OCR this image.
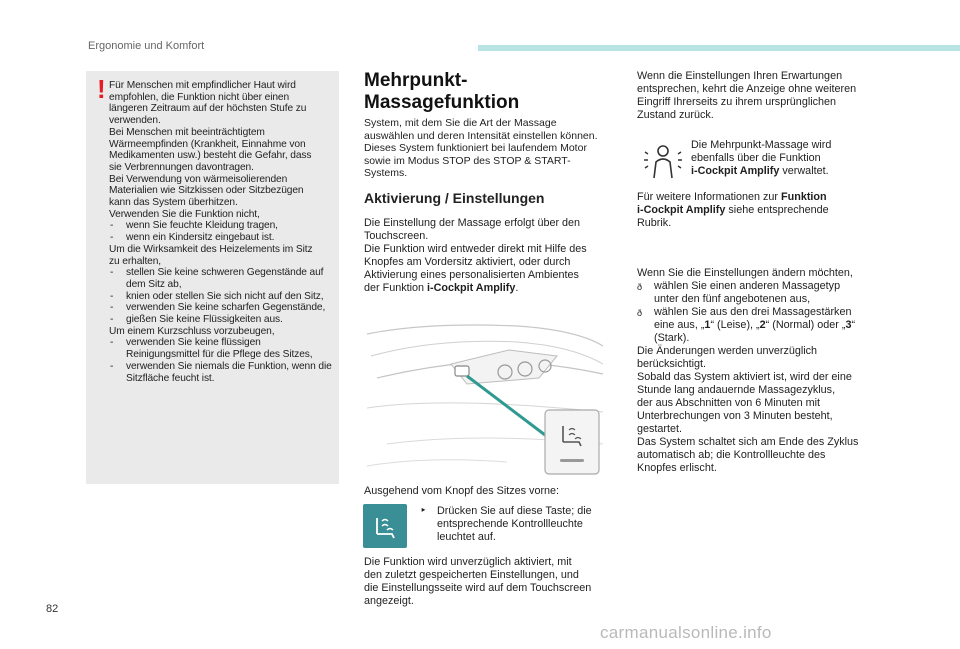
Ergonomie und Komfort
! Für Menschen mit empfindlicher Haut wird
empfohlen, die Funktion nicht über einen
längeren Zeitraum auf der höchsten Stufe zu
verwenden.
Bei Menschen mit beeinträchtigtem
Wärmeempfinden (Krankheit, Einnahme von
Medikamenten usw.) besteht die Gefahr, dass
sie Verbrennungen davontragen.
Bei Verwendung von wärmeisolierenden
Materialien wie Sitzkissen oder Sitzbezügen
kann das System überhitzen.
Verwenden Sie die Funktion nicht,
- wenn Sie feuchte Kleidung tragen,
- wenn ein Kindersitz eingebaut ist.
Um die Wirksamkeit des Heizelements im Sitz
zu erhalten,
- stellen Sie keine schweren Gegenstände auf dem Sitz ab,
- knien oder stellen Sie sich nicht auf den Sitz,
- verwenden Sie keine scharfen Gegenstände,
- gießen Sie keine Flüssigkeiten aus.
Um einem Kurzschluss vorzubeugen,
- verwenden Sie keine flüssigen Reinigungsmittel für die Pflege des Sitzes,
- verwenden Sie niemals die Funktion, wenn die Sitzfläche feucht ist.
Mehrpunkt-
Massagefunktion
System, mit dem Sie die Art der Massage
auswählen und deren Intensität einstellen können.
Dieses System funktioniert bei laufendem Motor
sowie im Modus STOP des STOP & START-
Systems.
Aktivierung / Einstellungen
Die Einstellung der Massage erfolgt über den
Touchscreen.
Die Funktion wird entweder direkt mit Hilfe des
Knopfes am Vordersitz aktiviert, oder durch
Aktivierung eines personalisierten Ambientes
der Funktion i-Cockpit Amplify.
Ausgehend vom Knopf des Sitzes vorne:
‣ Drücken Sie auf diese Taste; die
entsprechende Kontrollleuchte
leuchtet auf.
Die Funktion wird unverzüglich aktiviert, mit
den zuletzt gespeicherten Einstellungen, und
die Einstellungsseite wird auf dem Touchscreen
angezeigt.
Wenn die Einstellungen Ihren Erwartungen
entsprechen, kehrt die Anzeige ohne weiteren
Eingriff Ihrerseits zu ihrem ursprünglichen
Zustand zurück.
Die Mehrpunkt-Massage wird
ebenfalls über die Funktion
i-Cockpit Amplify verwaltet.
Für weitere Informationen zur Funktion
i-Cockpit Amplify siehe entsprechende
Rubrik.
Wenn Sie die Einstellungen ändern möchten,
ð wählen Sie einen anderen Massagetyp
unter den fünf angebotenen aus,
ð wählen Sie aus den drei Massagestärken
eine aus, „1“ (Leise), „2“ (Normal) oder „3“
(Stark).
Die Änderungen werden unverzüglich
berücksichtigt.
Sobald das System aktiviert ist, wird der eine
Stunde lang andauernde Massagezyklus,
der aus Abschnitten von 6 Minuten mit
Unterbrechungen von 3 Minuten besteht,
gestartet.
Das System schaltet sich am Ende des Zyklus
automatisch ab; die Kontrollleuchte des
Knopfes erlischt.
82
carmanualsonline.info
